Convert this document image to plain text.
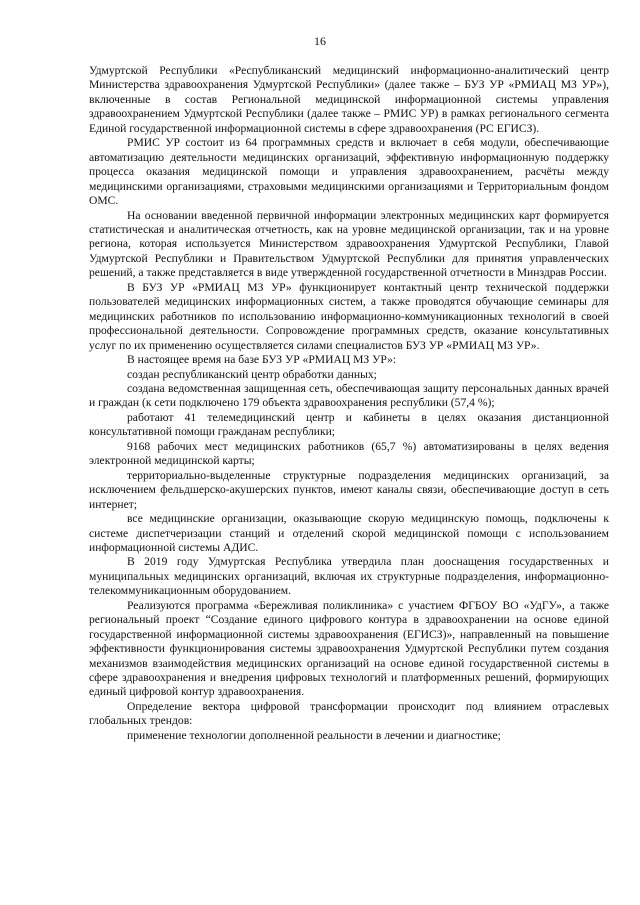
16

Удмуртской Республики «Республиканский медицинский информационно-аналитический центр Министерства здравоохранения Удмуртской Республики» (далее также – БУЗ УР «РМИАЦ МЗ УР»), включенные в состав Региональной медицинской информационной системы управления здравоохранением Удмуртской Республики (далее также – РМИС УР) в рамках регионального сегмента Единой государственной информационной системы в сфере здравоохранения (РС ЕГИСЗ).

РМИС УР состоит из 64 программных средств и включает в себя модули, обеспечивающие автоматизацию деятельности медицинских организаций, эффективную информационную поддержку процесса оказания медицинской помощи и управления здравоохранением, расчёты между медицинскими организациями, страховыми медицинскими организациями и Территориальным фондом ОМС.

На основании введенной первичной информации электронных медицинских карт формируется статистическая и аналитическая отчетность, как на уровне медицинской организации, так и на уровне региона, которая используется Министерством здравоохранения Удмуртской Республики, Главой Удмуртской Республики и Правительством Удмуртской Республики для принятия управленческих решений, а также представляется в виде утвержденной государственной отчетности в Минздрав России.

В БУЗ УР «РМИАЦ МЗ УР» функционирует контактный центр технической поддержки пользователей медицинских информационных систем, а также проводятся обучающие семинары для медицинских работников по использованию информационно-коммуникационных технологий в своей профессиональной деятельности. Сопровождение программных средств, оказание консультативных услуг по их применению осуществляется силами специалистов БУЗ УР «РМИАЦ МЗ УР».

В настоящее время на базе БУЗ УР «РМИАЦ МЗ УР»:

создан республиканский центр обработки данных;

создана ведомственная защищенная сеть, обеспечивающая защиту персональных данных врачей и граждан (к сети подключено 179 объекта здравоохранения республики (57,4 %);

работают 41 телемедицинский центр и кабинеты в целях оказания дистанционной консультативной помощи гражданам республики;

9168 рабочих мест медицинских работников (65,7 %) автоматизированы в целях ведения электронной медицинской карты;

территориально-выделенные структурные подразделения медицинских организаций, за исключением фельдшерско-акушерских пунктов, имеют каналы связи, обеспечивающие доступ в сеть интернет;

все медицинские организации, оказывающие скорую медицинскую помощь, подключены к системе диспетчеризации станций и отделений скорой медицинской помощи с использованием информационной системы АДИС.

В 2019 году Удмуртская Республика утвердила план дооснащения государственных и муниципальных медицинских организаций, включая их структурные подразделения, информационно-телекоммуникационным оборудованием.

Реализуются программа «Бережливая поликлиника» с участием ФГБОУ ВО «УдГУ», а также региональный проект “Создание единого цифрового контура в здравоохранении на основе единой государственной информационной системы здравоохранения (ЕГИСЗ)», направленный на повышение эффективности функционирования системы здравоохранения Удмуртской Республики путем создания механизмов взаимодействия медицинских организаций на основе единой государственной системы в сфере здравоохранения и внедрения цифровых технологий и платформенных решений, формирующих единый цифровой контур здравоохранения.

Определение вектора цифровой трансформации происходит под влиянием отраслевых глобальных трендов:

применение технологии дополненной реальности в лечении и диагностике;
